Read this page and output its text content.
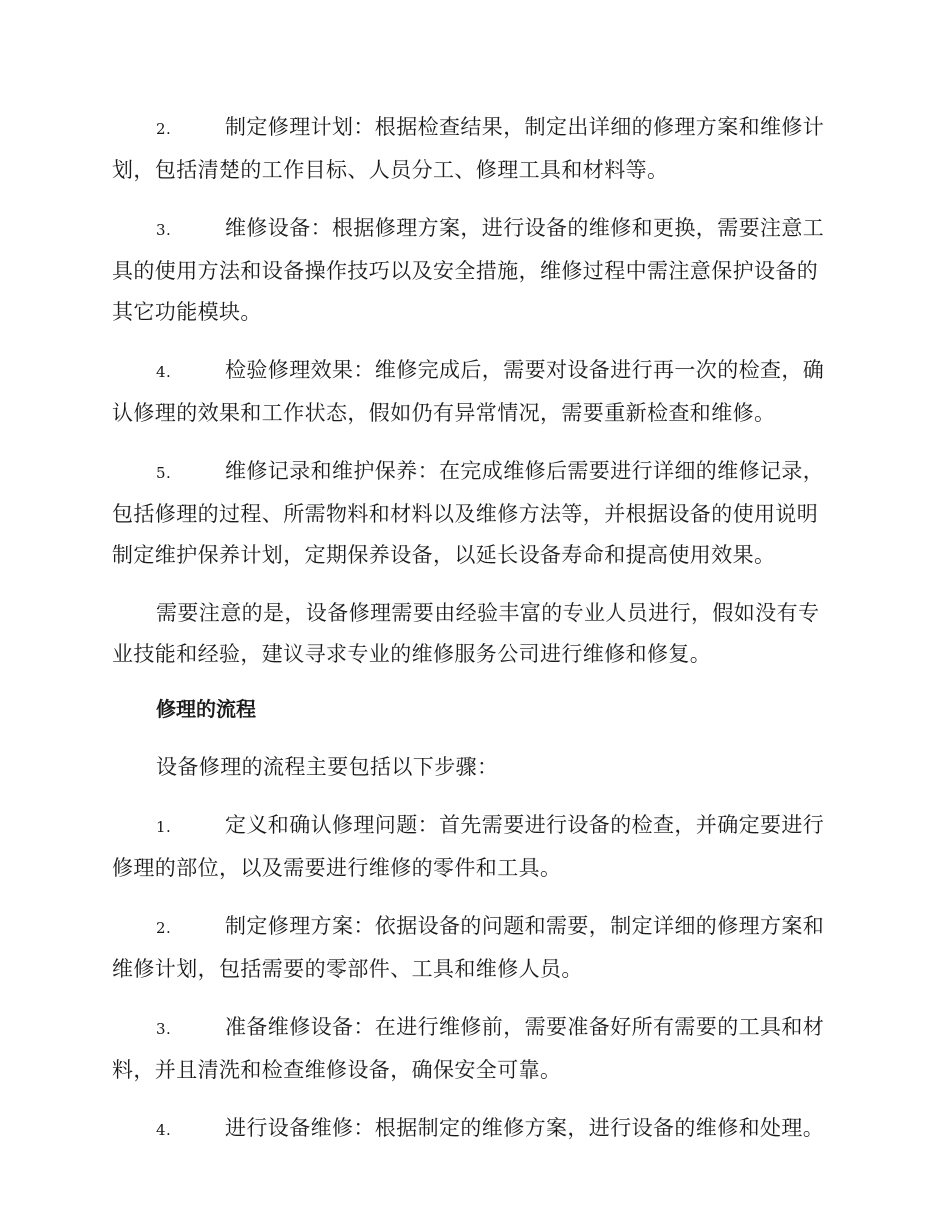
2.	制定修理计划：根据检查结果，制定出详细的修理方案和维修计划，包括清楚的工作目标、人员分工、修理工具和材料等。

3.	维修设备：根据修理方案，进行设备的维修和更换，需要注意工具的使用方法和设备操作技巧以及安全措施，维修过程中需注意保护设备的其它功能模块。

4.	检验修理效果：维修完成后，需要对设备进行再一次的检查，确认修理的效果和工作状态，假如仍有异常情况，需要重新检查和维修。

5.	维修记录和维护保养：在完成维修后需要进行详细的维修记录，包括修理的过程、所需物料和材料以及维修方法等，并根据设备的使用说明制定维护保养计划，定期保养设备，以延长设备寿命和提高使用效果。

需要注意的是，设备修理需要由经验丰富的专业人员进行，假如没有专业技能和经验，建议寻求专业的维修服务公司进行维修和修复。

修理的流程

设备修理的流程主要包括以下步骤：

1.	定义和确认修理问题：首先需要进行设备的检查，并确定要进行修理的部位，以及需要进行维修的零件和工具。

2.	制定修理方案：依据设备的问题和需要，制定详细的修理方案和维修计划，包括需要的零部件、工具和维修人员。

3.	准备维修设备：在进行维修前，需要准备好所有需要的工具和材料，并且清洗和检查维修设备，确保安全可靠。

4.	进行设备维修：根据制定的维修方案，进行设备的维修和处理。
